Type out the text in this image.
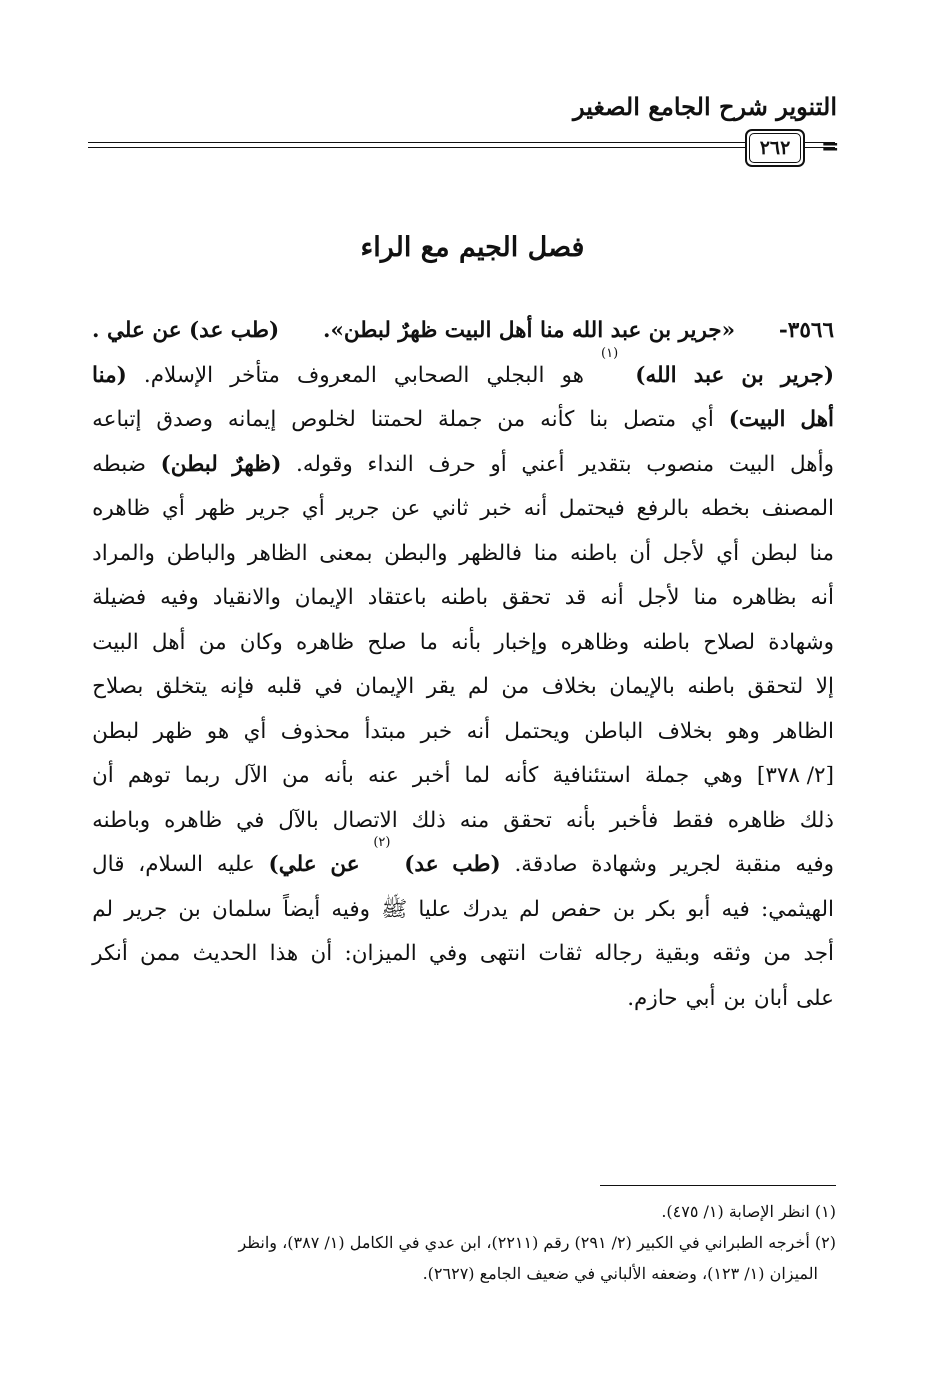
التنوير شرح الجامع الصغير
٢٦٢	=
فصل الجيم مع الراء
٣٥٦٦-
«جرير بن عبد الله منا أهل البيت ظهرٌ لبطن».
(طب عد) عن علي .
(جرير
بن
عبد
الله)
(١)
هو
البجلي
الصحابي
المعروف
متأخر
الإسلام.
(منا
أهل
البيت)
أي
متصل
بنا
كأنه
من
جملة
لحمتنا
لخلوص
إيمانه
وصدق
إتباعه
وأهل
البيت
منصوب
بتقدير
أعني
أو
حرف
النداء
وقوله.
(ظهرٌ
لبطن)
ضبطه
المصنف
بخطه
بالرفع
فيحتمل
أنه
خبر
ثاني
عن
جرير
أي
جرير
ظهر
أي
ظاهره
منا
لبطن
أي
لأجل
أن
باطنه
منا
فالظهر
والبطن
بمعنى
الظاهر
والباطن
والمراد
أنه
بظاهره
منا
لأجل
أنه
قد
تحقق
باطنه
باعتقاد
الإيمان
والانقياد
وفيه
فضيلة
وشهادة
لصلاح
باطنه
وظاهره
وإخبار
بأنه
ما
صلح
ظاهره
وكان
من
أهل
البيت
إلا
لتحقق
باطنه
بالإيمان
بخلاف
من
لم
يقر
الإيمان
في
قلبه
فإنه
يتخلق
بصلاح
الظاهر
وهو
بخلاف
الباطن
ويحتمل
أنه
خبر
مبتدأ
محذوف
أي
هو
ظهر
لبطن
[٢/ ٣٧٨]
وهي
جملة
استئنافية
كأنه
لما
أخبر
عنه
بأنه
من
الآل
ربما
توهم
أن
ذلك
ظاهره
فقط
فأخبر
بأنه
تحقق
منه
ذلك
الاتصال
بالآل
في
ظاهره
وباطنه
وفيه
منقبة
لجرير
وشهادة
صادقة.
(طب
عد)
(٢)
عن
علي)
عليه
السلام،
قال
الهيثمي:
فيه
أبو
بكر
بن
حفص
لم
يدرك
عليا
ﷺ
وفيه
أيضاً
سلمان
بن
جرير
لم
أجد
من
وثقه
وبقية
رجاله
ثقات
انتهى
وفي
الميزان:
أن
هذا
الحديث
ممن
أنكر
على
أبان
بن
أبي
حازم.
(١) انظر الإصابة (١/ ٤٧٥).
(٢) أخرجه الطبراني في الكبير (٢/ ٢٩١) رقم (٢٢١١)، ابن عدي في الكامل (١/ ٣٨٧)، وانظر
الميزان (١/ ١٢٣)، وضعفه الألباني في ضعيف الجامع (٢٦٢٧).
